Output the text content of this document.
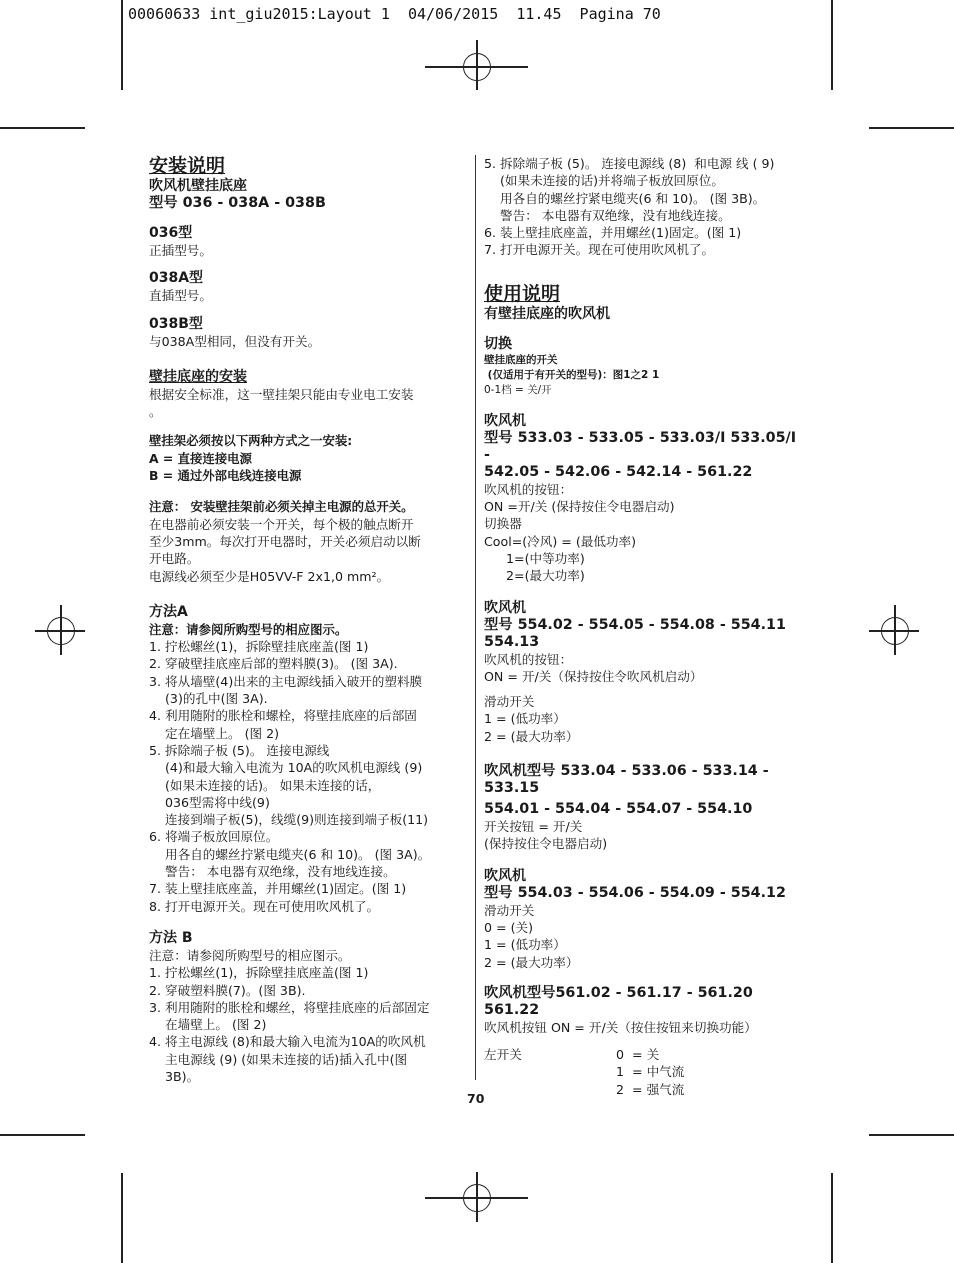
00060633 int_giu2015:Layout 1  04/06/2015  11.45  Pagina 70

安装说明

吹风机壁挂底座

型号 036 - 038A - 038B

036型

正插型号。

038A型

直插型号。

038B型

与038A型相同，但没有开关。

壁挂底座的安装

根据安全标准，这一壁挂架只能由专业电工安装

。

壁挂架必须按以下两种方式之一安装:

A = 直接连接电源

B = 通过外部电线连接电源

注意： 安装壁挂架前必须关掉主电源的总开关。

在电器前必须安装一个开关，每个极的触点断开

至少3mm。每次打开电器时，开关必须启动以断

开电路。

电源线必须至少是H05VV-F 2x1,0 mm²。

方法A

注意：请参阅所购型号的相应图示。

1. 拧松螺丝(1)，拆除壁挂底座盖(图 1)

2. 穿破壁挂底座后部的塑料膜(3)。 (图 3A).

3. 将从墙壁(4)出来的主电源线插入破开的塑料膜

(3)的孔中(图 3A).

4. 利用随附的胀栓和螺栓，将壁挂底座的后部固

定在墙壁上。 (图 2)

5. 拆除端子板 (5)。 连接电源线

(4)和最大输入电流为 10A的吹风机电源线 (9)

(如果未连接的话)。 如果未连接的话，

036型需将中线(9)

连接到端子板(5)，线缆(9)则连接到端子板(11)

6. 将端子板放回原位。

用各自的螺丝拧紧电缆夹(6 和 10)。 (图 3A)。

警告： 本电器有双绝缘，没有地线连接。

7. 装上壁挂底座盖，并用螺丝(1)固定。(图 1)

8. 打开电源开关。现在可使用吹风机了。

方法 B

注意：请参阅所购型号的相应图示。

1. 拧松螺丝(1)，拆除壁挂底座盖(图 1)

2. 穿破塑料膜(7)。(图 3B).

3. 利用随附的胀栓和螺丝，将壁挂底座的后部固定

在墙壁上。 (图 2)

4. 将主电源线 (8)和最大输入电流为10A的吹风机

主电源线 (9) (如果未连接的话)插入孔中(图

3B)。

5. 拆除端子板 (5)。 连接电源线 (8)  和电源 线 ( 9)

(如果未连接的话)并将端子板放回原位。

用各自的螺丝拧紧电缆夹(6 和 10)。 (图 3B)。

警告： 本电器有双绝缘，没有地线连接。

6. 装上壁挂底座盖，并用螺丝(1)固定。(图 1)

7. 打开电源开关。现在可使用吹风机了。

使用说明

有壁挂底座的吹风机

切换

壁挂底座的开关

(仅适用于有开关的型号)：图1之2 1

0-1档 = 关/开

吹风机

型号 533.03 - 533.05 - 533.03/I 533.05/I -

542.05 - 542.06 - 542.14 - 561.22

吹风机的按钮：

ON =开/关 (保持按住令电器启动)

切换器

Cool=(冷风) = (最低功率)

1=(中等功率)

2=(最大功率)

吹风机

型号 554.02 - 554.05 - 554.08 - 554.11

554.13

吹风机的按钮：

ON = 开/关（保持按住令吹风机启动）

滑动开关

1 = (低功率）

2 = (最大功率）

吹风机型号 533.04 - 533.06 - 533.14 - 533.15

554.01 - 554.04 - 554.07 - 554.10

开关按钮 = 开/关

(保持按住令电器启动)

吹风机

型号 554.03 - 554.06 - 554.09 - 554.12

滑动开关

0 = (关)

1 = (低功率）

2 = (最大功率）

吹风机型号561.02 - 561.17 - 561.20

561.22

吹风机按钮 ON = 开/关（按住按钮来切换功能）

左开关	0  = 关
1  = 中气流
2  = 强气流
70
